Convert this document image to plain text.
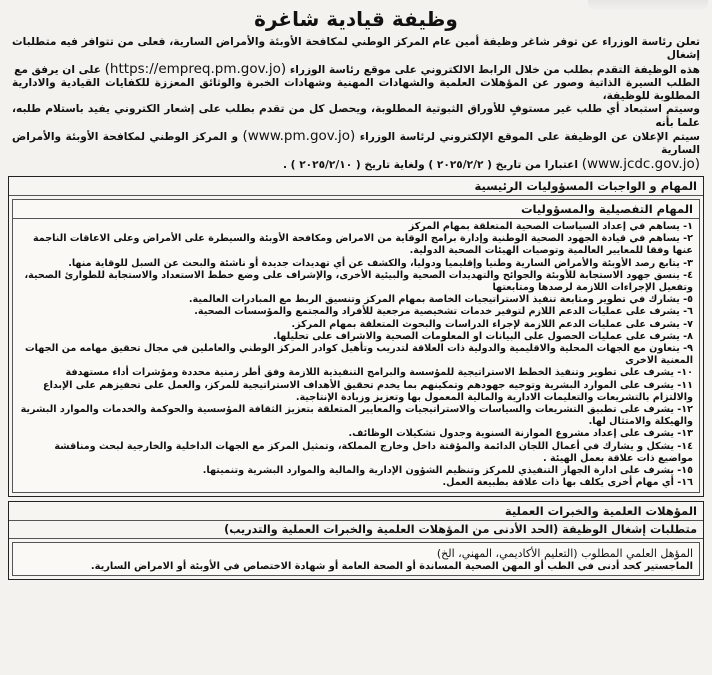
وظيفة قيادية شاغرة
تعلن رئاسة الوزراء عن توفر شاغر وظيفة أمين عام المركز الوطني لمكافحة الأوبئة والأمراض السارية، فعلى من تتوافر فيه متطلبات إشغال
هذه الوظيفة التقدم بطلب من خلال الرابط الالكتروني على موقع رئاسة الوزراء (https://empreq.pm.gov.jo) على ان يرفق مع
الطلب السيرة الذاتية وصور عن المؤهلات العلمية والشهادات المهنية وشهادات الخبرة والوثائق المعززة للكفايات القيادية والادارية المطلوبة للوظيفة،
وسيتم استبعاد أي طلب غير مستوفٍ للأوراق الثبوتية المطلوبة، ويحصل كل من تقدم بطلب على إشعار الكتروني يفيد باستلام طلبه، علما بأنه
سيتم الإعلان عن الوظيفة على الموقع الإلكتروني لرئاسة الوزراء (www.pm.gov.jo) و المركز الوطني لمكافحة الأوبئة والأمراض السارية
(www.jcdc.gov.jo) اعتبارا من تاريخ ( ٢٠٢٥/٢/٢ ) ولغاية تاريخ ( ٢٠٢٥/٢/١٠ ) .
المهام و الواجبات المسؤوليات الرئيسية
المهام التفصيلية والمسؤوليات
١- يساهم في إعداد السياسات الصحية المتعلقة بمهام المركز
٢- يساهم في قيادة الجهود الصحية الوطنية وإدارة برامج الوقاية من الامراض ومكافحة الأوبئة والسيطرة على الأمراض وعلى الاعاقات الناجمة عنها وفقا للمعايير العالمية وتوصيات الهيئات الصحية الدولية.
٣- يتابع رصد الأوبئة والأمراض السارية وطنيا وإقليميا ودوليا، والكشف عن أي تهديدات جديدة أو ناشئة والبحث عن السبل للوقاية منها.
٤- ينسق جهود الاستجابة للأوبئة والجوائح والتهديدات الصحية والبيئية الأخرى، والإشراف على وضع خطط الاستعداد والاستجابة للطوارئ الصحية، وتفعيل الإجراءات اللازمة لرصدها ومتابعتها
٥- يشارك في تطوير ومتابعة تنفيذ الاستراتيجيات الخاصة بمهام المركز وتنسيق الربط مع المبادرات العالمية.
٦- يشرف على عمليات الدعم اللازم لتوفير خدمات تشخيصية مرجعية للأفراد والمجتمع والمؤسسات الصحية.
٧- يشرف على عمليات الدعم اللازمة لإجراء الدراسات والبحوث المتعلقة بمهام المركز.
٨- يشرف على عمليات الحصول على البيانات او المعلومات الصحية والاشراف على تحليلها.
٩- يتعاون مع الجهات المحلية والاقليمية والدولية ذات العلاقة لتدريب وتأهيل كوادر المركز الوطني والعاملين في مجال تحقيق مهامه من الجهات المعنية الاخرى
١٠- يشرف على تطوير وتنفيذ الخطط الاستراتيجية للمؤسسة والبرامج التنفيذية اللازمة وفق أطر زمنية محددة ومؤشرات أداء مستهدفة
١١- يشرف على الموارد البشرية وتوجيه جهودهم وتمكينهم بما يخدم تحقيق الأهداف الاستراتيجية للمركز، والعمل على تحفيزهم على الإبداع والالتزام بالتشريعات والتعليمات الادارية والمالية المعمول بها وتعزيز وزيادة الإنتاجية.
١٢- يشرف على تطبيق التشريعات والسياسات والاستراتيجيات والمعايير المتعلقة بتعزيز الثقافة المؤسسية والحوكمة والخدمات والموارد البشرية والهيكلة والامتثال لها.
١٣- يشرف على إعداد مشروع الموازنة السنوية وجدول تشكيلات الوظائف.
١٤- يشكل و يشارك في أعمال اللجان الدائمة والمؤقتة داخل وخارج المملكة، وتمثيل المركز مع الجهات الداخلية والخارجية لبحث ومناقشة مواضيع ذات علاقة بعمل الهيئة .
١٥- يشرف على ادارة الجهاز التنفيذي للمركز وتنظيم الشؤون الإدارية والمالية والموارد البشرية وتنميتها.
١٦- أي مهام أخرى يكلف بها ذات علاقة بطبيعة العمل.
المؤهلات العلمية والخبرات العملية
متطلبات إشغال الوظيفة (الحد الأدنى من المؤهلات العلمية والخبرات العملية والتدريب)
المؤهل العلمي المطلوب (التعليم الأكاديمي، المهني، الخ)
الماجستير كحد أدنى في الطب أو المهن الصحية المساندة أو الصحة العامة أو شهادة الاختصاص في الأوبئة أو الامراض السارية.
